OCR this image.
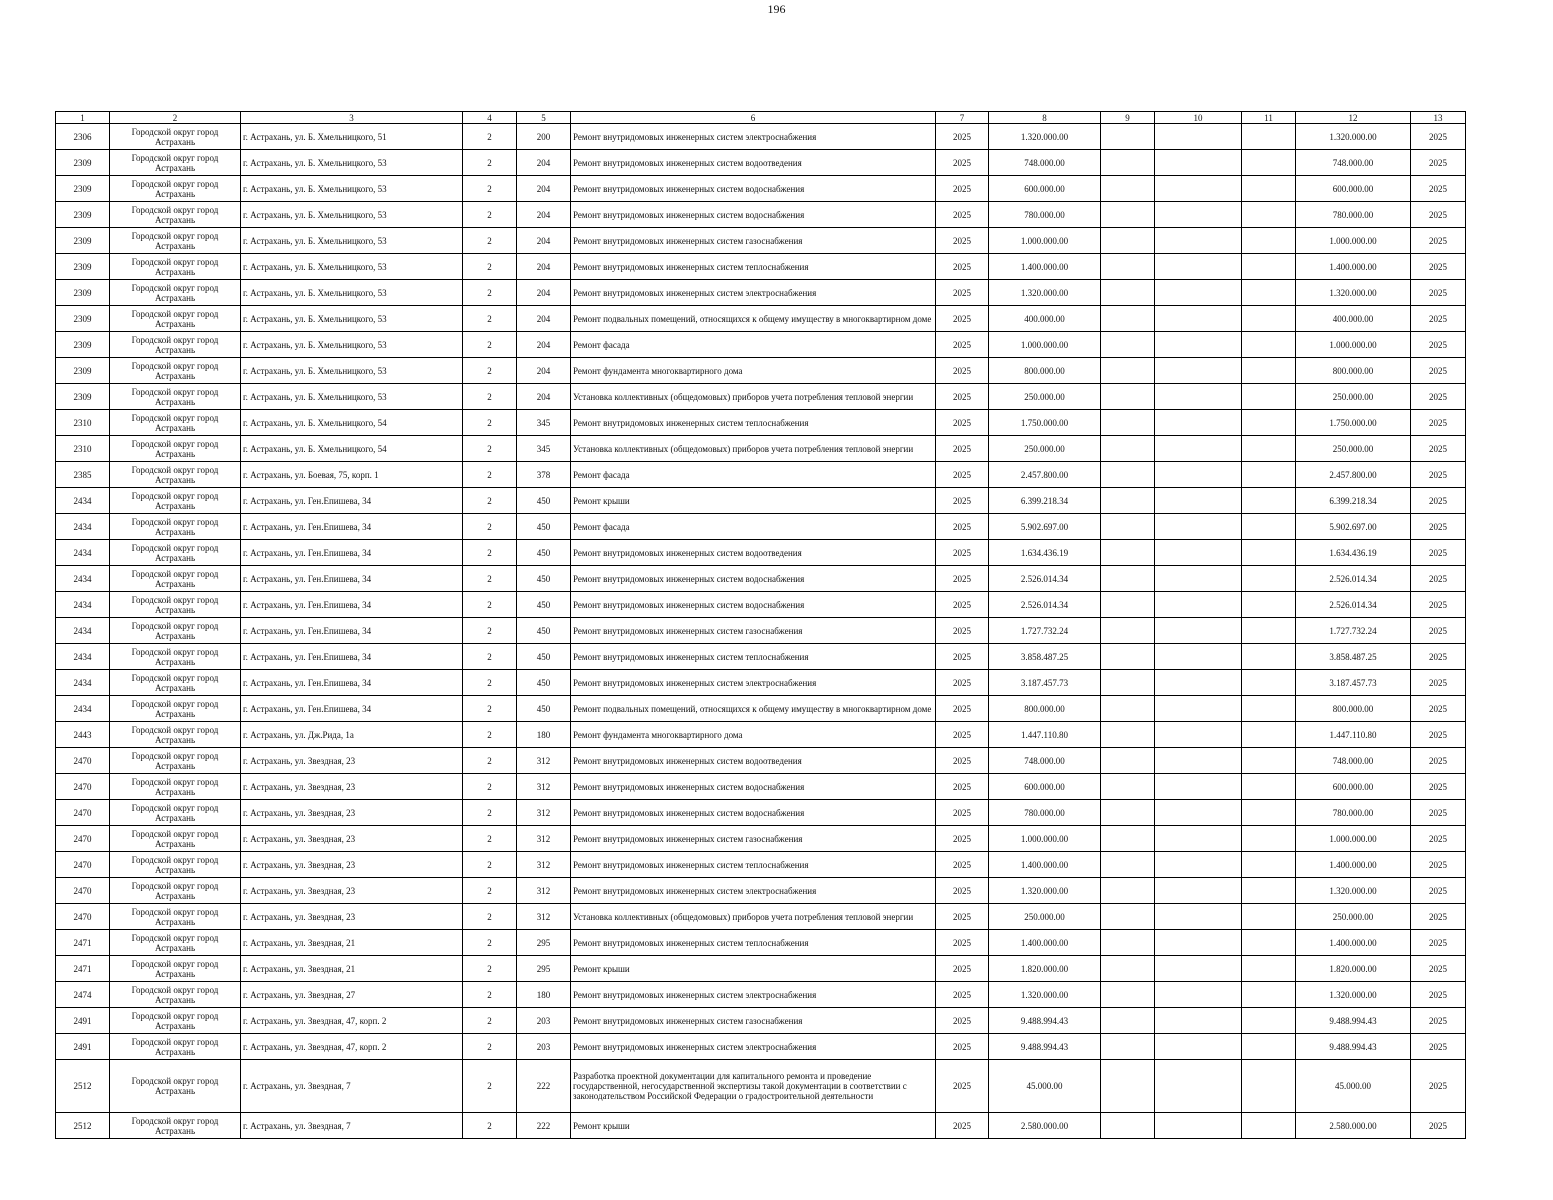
196
1	2	3	4	5	6	7	8	9	10	11	12	13
2306	Городской округ город Астрахань	г. Астрахань, ул. Б. Хмельницкого, 51	2	200	Ремонт внутридомовых инженерных систем электроснабжения	2025	1.320.000.00				1.320.000.00	2025
2309	Городской округ город Астрахань	г. Астрахань, ул. Б. Хмельницкого, 53	2	204	Ремонт внутридомовых инженерных систем водоотведения	2025	748.000.00				748.000.00	2025
2309	Городской округ город Астрахань	г. Астрахань, ул. Б. Хмельницкого, 53	2	204	Ремонт внутридомовых инженерных систем водоснабжения	2025	600.000.00				600.000.00	2025
2309	Городской округ город Астрахань	г. Астрахань, ул. Б. Хмельницкого, 53	2	204	Ремонт внутридомовых инженерных систем водоснабжения	2025	780.000.00				780.000.00	2025
2309	Городской округ город Астрахань	г. Астрахань, ул. Б. Хмельницкого, 53	2	204	Ремонт внутридомовых инженерных систем газоснабжения	2025	1.000.000.00				1.000.000.00	2025
2309	Городской округ город Астрахань	г. Астрахань, ул. Б. Хмельницкого, 53	2	204	Ремонт внутридомовых инженерных систем теплоснабжения	2025	1.400.000.00				1.400.000.00	2025
2309	Городской округ город Астрахань	г. Астрахань, ул. Б. Хмельницкого, 53	2	204	Ремонт внутридомовых инженерных систем электроснабжения	2025	1.320.000.00				1.320.000.00	2025
2309	Городской округ город Астрахань	г. Астрахань, ул. Б. Хмельницкого, 53	2	204	Ремонт подвальных помещений, относящихся к общему имуществу в многоквартирном доме	2025	400.000.00				400.000.00	2025
2309	Городской округ город Астрахань	г. Астрахань, ул. Б. Хмельницкого, 53	2	204	Ремонт фасада	2025	1.000.000.00				1.000.000.00	2025
2309	Городской округ город Астрахань	г. Астрахань, ул. Б. Хмельницкого, 53	2	204	Ремонт фундамента многоквартирного дома	2025	800.000.00				800.000.00	2025
2309	Городской округ город Астрахань	г. Астрахань, ул. Б. Хмельницкого, 53	2	204	Установка коллективных (общедомовых) приборов учета потребления тепловой энергии	2025	250.000.00				250.000.00	2025
2310	Городской округ город Астрахань	г. Астрахань, ул. Б. Хмельницкого, 54	2	345	Ремонт внутридомовых инженерных систем теплоснабжения	2025	1.750.000.00				1.750.000.00	2025
2310	Городской округ город Астрахань	г. Астрахань, ул. Б. Хмельницкого, 54	2	345	Установка коллективных (общедомовых) приборов учета потребления тепловой энергии	2025	250.000.00				250.000.00	2025
2385	Городской округ город Астрахань	г. Астрахань, ул. Боевая, 75, корп. 1	2	378	Ремонт фасада	2025	2.457.800.00				2.457.800.00	2025
2434	Городской округ город Астрахань	г. Астрахань, ул. Ген.Епишева, 34	2	450	Ремонт крыши	2025	6.399.218.34				6.399.218.34	2025
2434	Городской округ город Астрахань	г. Астрахань, ул. Ген.Епишева, 34	2	450	Ремонт фасада	2025	5.902.697.00				5.902.697.00	2025
2434	Городской округ город Астрахань	г. Астрахань, ул. Ген.Епишева, 34	2	450	Ремонт внутридомовых инженерных систем водоотведения	2025	1.634.436.19				1.634.436.19	2025
2434	Городской округ город Астрахань	г. Астрахань, ул. Ген.Епишева, 34	2	450	Ремонт внутридомовых инженерных систем водоснабжения	2025	2.526.014.34				2.526.014.34	2025
2434	Городской округ город Астрахань	г. Астрахань, ул. Ген.Епишева, 34	2	450	Ремонт внутридомовых инженерных систем водоснабжения	2025	2.526.014.34				2.526.014.34	2025
2434	Городской округ город Астрахань	г. Астрахань, ул. Ген.Епишева, 34	2	450	Ремонт внутридомовых инженерных систем газоснабжения	2025	1.727.732.24				1.727.732.24	2025
2434	Городской округ город Астрахань	г. Астрахань, ул. Ген.Епишева, 34	2	450	Ремонт внутридомовых инженерных систем теплоснабжения	2025	3.858.487.25				3.858.487.25	2025
2434	Городской округ город Астрахань	г. Астрахань, ул. Ген.Епишева, 34	2	450	Ремонт внутридомовых инженерных систем электроснабжения	2025	3.187.457.73				3.187.457.73	2025
2434	Городской округ город Астрахань	г. Астрахань, ул. Ген.Епишева, 34	2	450	Ремонт подвальных помещений, относящихся к общему имуществу в многоквартирном доме	2025	800.000.00				800.000.00	2025
2443	Городской округ город Астрахань	г. Астрахань, ул. Дж.Рида, 1а	2	180	Ремонт фундамента многоквартирного дома	2025	1.447.110.80				1.447.110.80	2025
2470	Городской округ город Астрахань	г. Астрахань, ул. Звездная, 23	2	312	Ремонт внутридомовых инженерных систем водоотведения	2025	748.000.00				748.000.00	2025
2470	Городской округ город Астрахань	г. Астрахань, ул. Звездная, 23	2	312	Ремонт внутридомовых инженерных систем водоснабжения	2025	600.000.00				600.000.00	2025
2470	Городской округ город Астрахань	г. Астрахань, ул. Звездная, 23	2	312	Ремонт внутридомовых инженерных систем водоснабжения	2025	780.000.00				780.000.00	2025
2470	Городской округ город Астрахань	г. Астрахань, ул. Звездная, 23	2	312	Ремонт внутридомовых инженерных систем газоснабжения	2025	1.000.000.00				1.000.000.00	2025
2470	Городской округ город Астрахань	г. Астрахань, ул. Звездная, 23	2	312	Ремонт внутридомовых инженерных систем теплоснабжения	2025	1.400.000.00				1.400.000.00	2025
2470	Городской округ город Астрахань	г. Астрахань, ул. Звездная, 23	2	312	Ремонт внутридомовых инженерных систем электроснабжения	2025	1.320.000.00				1.320.000.00	2025
2470	Городской округ город Астрахань	г. Астрахань, ул. Звездная, 23	2	312	Установка коллективных (общедомовых) приборов учета потребления тепловой энергии	2025	250.000.00				250.000.00	2025
2471	Городской округ город Астрахань	г. Астрахань, ул. Звездная, 21	2	295	Ремонт внутридомовых инженерных систем теплоснабжения	2025	1.400.000.00				1.400.000.00	2025
2471	Городской округ город Астрахань	г. Астрахань, ул. Звездная, 21	2	295	Ремонт крыши	2025	1.820.000.00				1.820.000.00	2025
2474	Городской округ город Астрахань	г. Астрахань, ул. Звездная, 27	2	180	Ремонт внутридомовых инженерных систем электроснабжения	2025	1.320.000.00				1.320.000.00	2025
2491	Городской округ город Астрахань	г. Астрахань, ул. Звездная, 47, корп. 2	2	203	Ремонт внутридомовых инженерных систем газоснабжения	2025	9.488.994.43				9.488.994.43	2025
2491	Городской округ город Астрахань	г. Астрахань, ул. Звездная, 47, корп. 2	2	203	Ремонт внутридомовых инженерных систем электроснабжения	2025	9.488.994.43				9.488.994.43	2025
2512	Городской округ город Астрахань	г. Астрахань, ул. Звездная, 7	2	222	Разработка проектной документации для капитального ремонта и проведение государственной, негосударственной экспертизы такой документации в соответствии с законодательством Российской Федерации о градостроительной деятельности	2025	45.000.00				45.000.00	2025
2512	Городской округ город Астрахань	г. Астрахань, ул. Звездная, 7	2	222	Ремонт крыши	2025	2.580.000.00				2.580.000.00	2025
